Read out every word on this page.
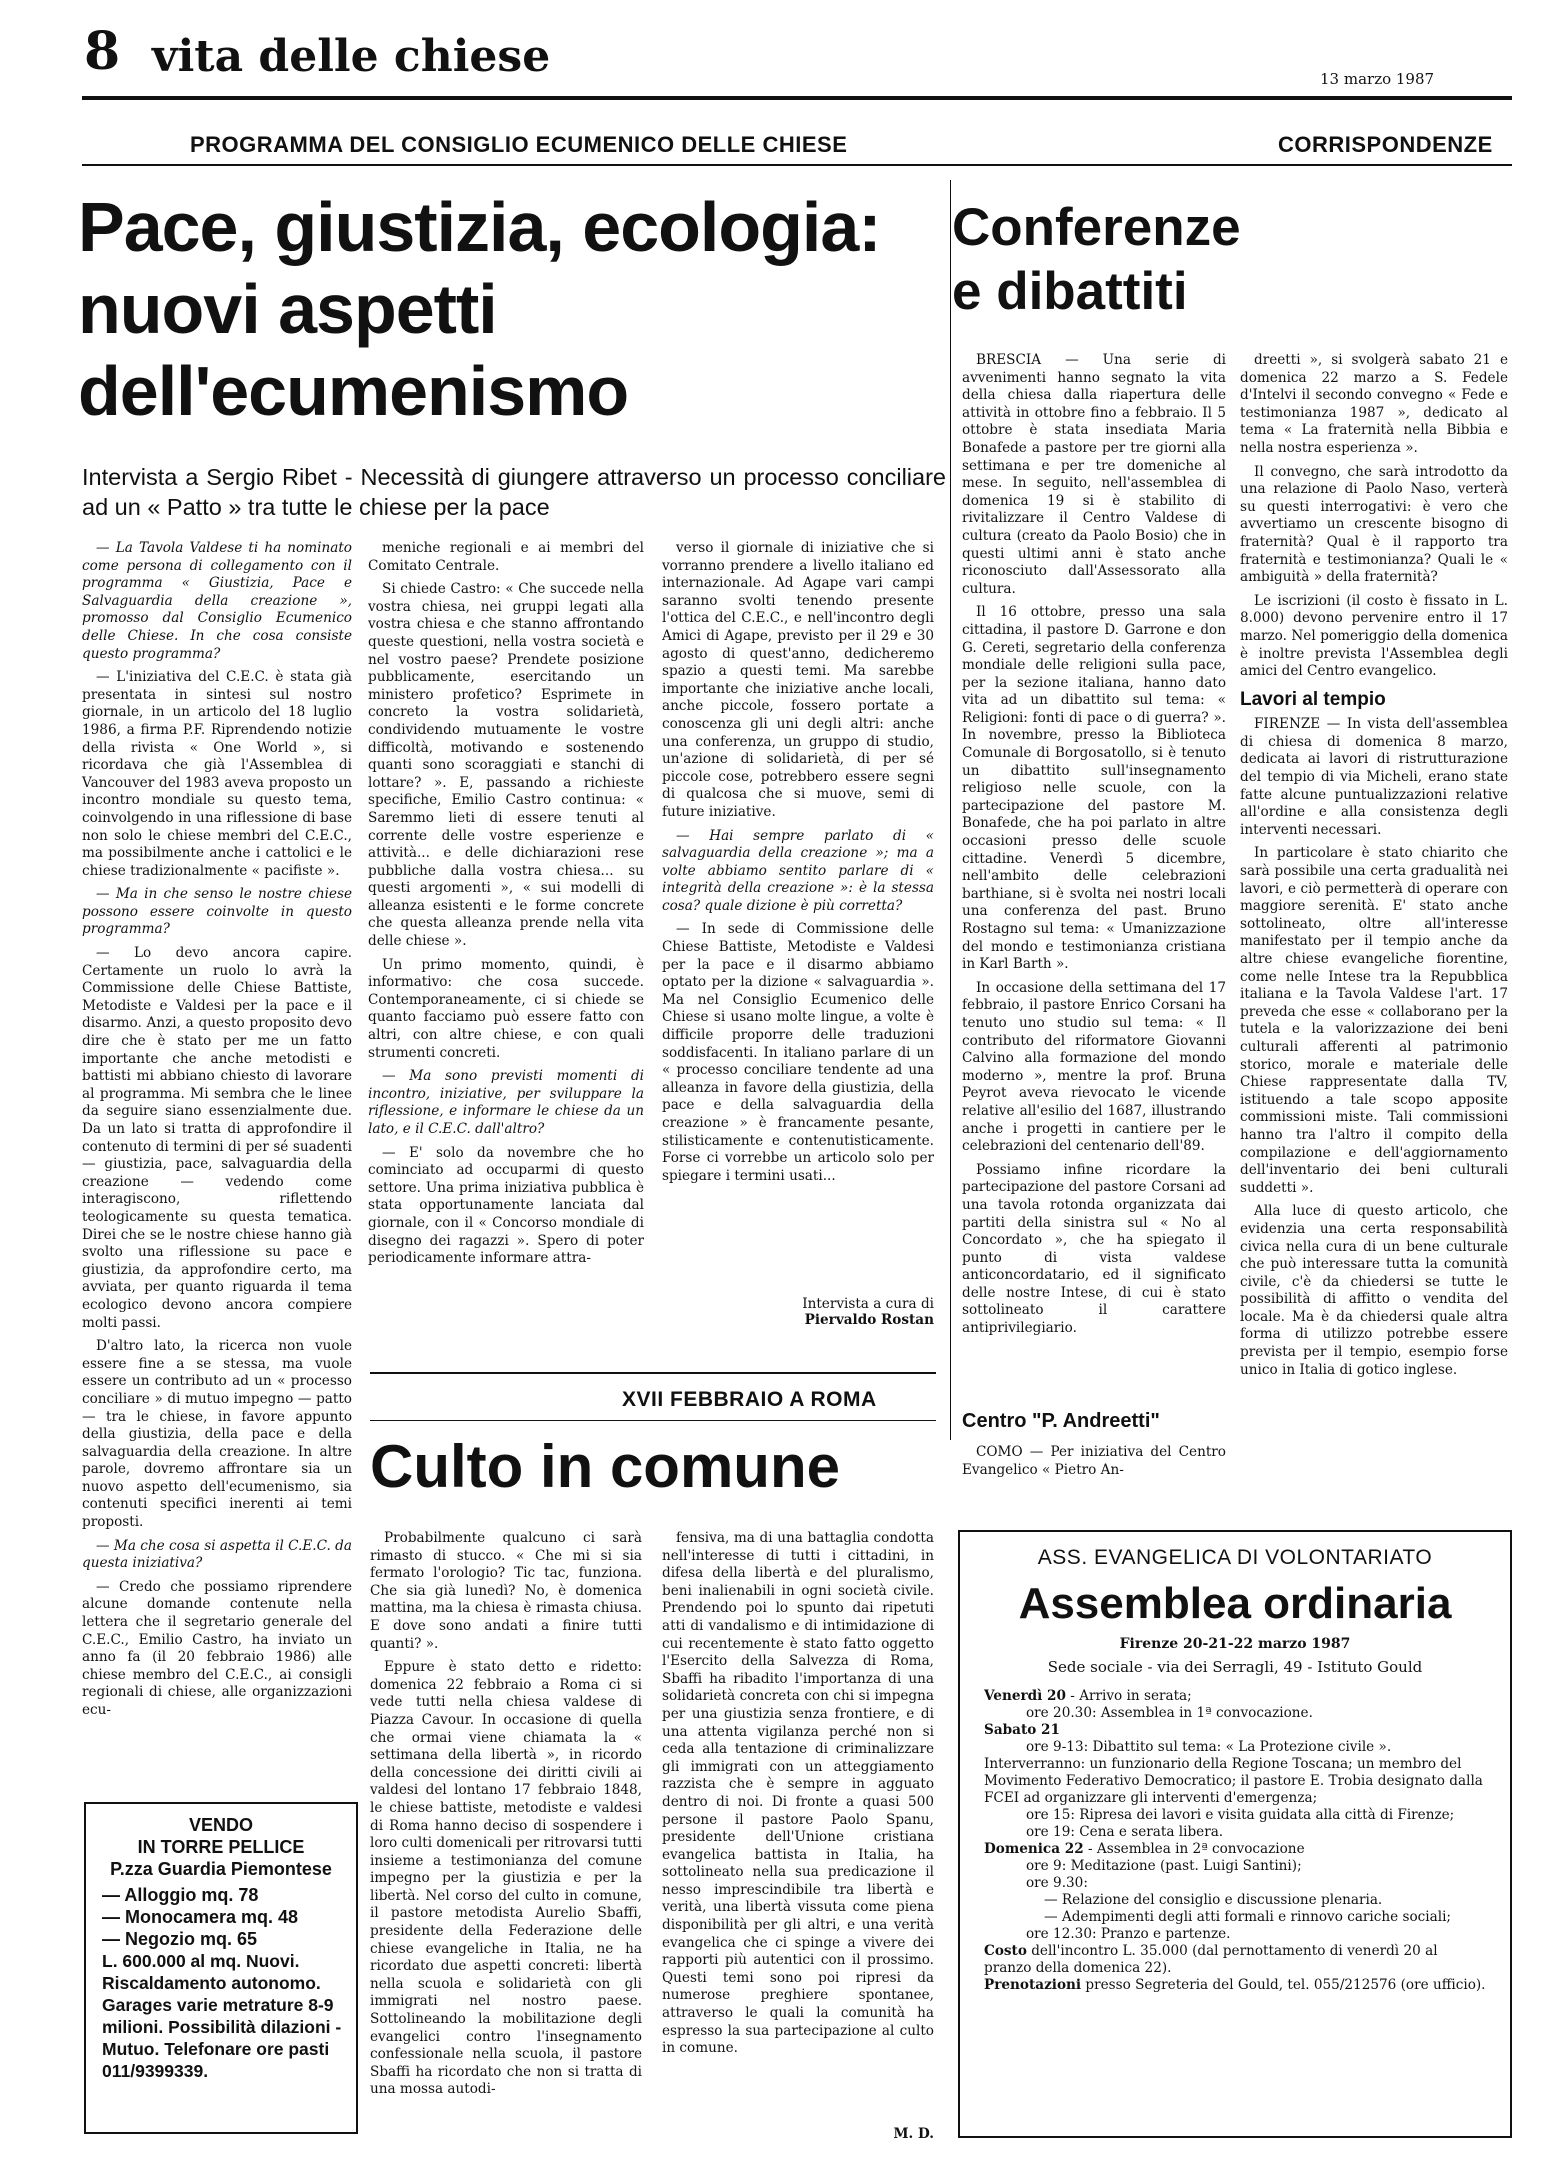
8 vita delle chiese	13 marzo 1987
PROGRAMMA DEL CONSIGLIO ECUMENICO DELLE CHIESE	CORRISPONDENZE
Pace, giustizia, ecologia:
nuovi aspetti
dell'ecumenismo
Intervista a Sergio Ribet - Necessità di giungere attraverso un processo conciliare ad un « Patto » tra tutte le chiese per la pace

— La Tavola Valdese ti ha nominato come persona di collegamento con il programma « Giustizia, Pace e Salvaguardia della creazione », promosso dal Consiglio Ecumenico delle Chiese. In che cosa consiste questo programma?

— L'iniziativa del C.E.C. è stata già presentata in sintesi sul nostro giornale, in un articolo del 18 luglio 1986, a firma P.F. Riprendendo notizie della rivista « One World », si ricordava che già l'Assemblea di Vancouver del 1983 aveva proposto un incontro mondiale su questo tema, coinvolgendo in una riflessione di base non solo le chiese membri del C.E.C., ma possibilmente anche i cattolici e le chiese tradizionalmente « pacifiste ».

— Ma in che senso le nostre chiese possono essere coinvolte in questo programma?

— Lo devo ancora capire. Certamente un ruolo lo avrà la Commissione delle Chiese Battiste, Metodiste e Valdesi per la pace e il disarmo. Anzi, a questo proposito devo dire che è stato per me un fatto importante che anche metodisti e battisti mi abbiano chiesto di lavorare al programma. Mi sembra che le linee da seguire siano essenzialmente due. Da un lato si tratta di approfondire il contenuto di termini di per sé suadenti — giustizia, pace, salvaguardia della creazione — vedendo come interagiscono, riflettendo teologicamente su questa tematica. Direi che se le nostre chiese hanno già svolto una riflessione su pace e giustizia, da approfondire certo, ma avviata, per quanto riguarda il tema ecologico devono ancora compiere molti passi.

D'altro lato, la ricerca non vuole essere fine a se stessa, ma vuole essere un contributo ad un « processo conciliare » di mutuo impegno — patto — tra le chiese, in favore appunto della giustizia, della pace e della salvaguardia della creazione. In altre parole, dovremo affrontare sia un nuovo aspetto dell'ecumenismo, sia contenuti specifici inerenti ai temi proposti.

— Ma che cosa si aspetta il C.E.C. da questa iniziativa?

— Credo che possiamo riprendere alcune domande contenute nella lettera che il segretario generale del C.E.C., Emilio Castro, ha inviato un anno fa (il 20 febbraio 1986) alle chiese membro del C.E.C., ai consigli regionali di chiese, alle organizzazioni ecu-

meniche regionali e ai membri del Comitato Centrale.

Si chiede Castro: « Che succede nella vostra chiesa, nei gruppi legati alla vostra chiesa e che stanno affrontando queste questioni, nella vostra società e nel vostro paese? Prendete posizione pubblicamente, esercitando un ministero profetico? Esprimete in concreto la vostra solidarietà, condividendo mutuamente le vostre difficoltà, motivando e sostenendo quanti sono scoraggiati e stanchi di lottare? ». E, passando a richieste specifiche, Emilio Castro continua: « Saremmo lieti di essere tenuti al corrente delle vostre esperienze e attività... e delle dichiarazioni rese pubbliche dalla vostra chiesa... su questi argomenti », « sui modelli di alleanza esistenti e le forme concrete che questa alleanza prende nella vita delle chiese ».

Un primo momento, quindi, è informativo: che cosa succede. Contemporaneamente, ci si chiede se quanto facciamo può essere fatto con altri, con altre chiese, e con quali strumenti concreti.

— Ma sono previsti momenti di incontro, iniziative, per sviluppare la riflessione, e informare le chiese da un lato, e il C.E.C. dall'altro?

— E' solo da novembre che ho cominciato ad occuparmi di questo settore. Una prima iniziativa pubblica è stata opportunamente lanciata dal giornale, con il « Concorso mondiale di disegno dei ragazzi ». Spero di poter periodicamente informare attra-

verso il giornale di iniziative che si vorranno prendere a livello italiano ed internazionale. Ad Agape vari campi saranno svolti tenendo presente l'ottica del C.E.C., e nell'incontro degli Amici di Agape, previsto per il 29 e 30 agosto di quest'anno, dedicheremo spazio a questi temi. Ma sarebbe importante che iniziative anche locali, anche piccole, fossero portate a conoscenza gli uni degli altri: anche una conferenza, un gruppo di studio, un'azione di solidarietà, di per sé piccole cose, potrebbero essere segni di qualcosa che si muove, semi di future iniziative.

— Hai sempre parlato di « salvaguardia della creazione »; ma a volte abbiamo sentito parlare di « integrità della creazione »: è la stessa cosa? quale dizione è più corretta?

— In sede di Commissione delle Chiese Battiste, Metodiste e Valdesi per la pace e il disarmo abbiamo optato per la dizione « salvaguardia ». Ma nel Consiglio Ecumenico delle Chiese si usano molte lingue, a volte è difficile proporre delle traduzioni soddisfacenti. In italiano parlare di un « processo conciliare tendente ad una alleanza in favore della giustizia, della pace e della salvaguardia della creazione » è francamente pesante, stilisticamente e contenutisticamente. Forse ci vorrebbe un articolo solo per spiegare i termini usati...

Intervista a cura di
Piervaldo Rostan
Conferenze
e dibattiti

BRESCIA — Una serie di avvenimenti hanno segnato la vita della chiesa dalla riapertura delle attività in ottobre fino a febbraio. Il 5 ottobre è stata insediata Maria Bonafede a pastore per tre giorni alla settimana e per tre domeniche al mese. In seguito, nell'assemblea di domenica 19 si è stabilito di rivitalizzare il Centro Valdese di cultura (creato da Paolo Bosio) che in questi ultimi anni è stato anche riconosciuto dall'Assessorato alla cultura.

Il 16 ottobre, presso una sala cittadina, il pastore D. Garrone e don G. Cereti, segretario della conferenza mondiale delle religioni sulla pace, per la sezione italiana, hanno dato vita ad un dibattito sul tema: « Religioni: fonti di pace o di guerra? ». In novembre, presso la Biblioteca Comunale di Borgosatollo, si è tenuto un dibattito sull'insegnamento religioso nelle scuole, con la partecipazione del pastore M. Bonafede, che ha poi parlato in altre occasioni presso delle scuole cittadine. Venerdì 5 dicembre, nell'ambito delle celebrazioni barthiane, si è svolta nei nostri locali una conferenza del past. Bruno Rostagno sul tema: « Umanizzazione del mondo e testimonianza cristiana in Karl Barth ».

In occasione della settimana del 17 febbraio, il pastore Enrico Corsani ha tenuto uno studio sul tema: « Il contributo del riformatore Giovanni Calvino alla formazione del mondo moderno », mentre la prof. Bruna Peyrot aveva rievocato le vicende relative all'esilio del 1687, illustrando anche i progetti in cantiere per le celebrazioni del centenario dell'89.

Possiamo infine ricordare la partecipazione del pastore Corsani ad una tavola rotonda organizzata dai partiti della sinistra sul « No al Concordato », che ha spiegato il punto di vista valdese anticoncordatario, ed il significato delle nostre Intese, di cui è stato sottolineato il carattere antiprivilegiario.

Centro "P. Andreetti"

COMO — Per iniziativa del Centro Evangelico « Pietro An-

dreetti », si svolgerà sabato 21 e domenica 22 marzo a S. Fedele d'Intelvi il secondo convegno « Fede e testimonianza 1987 », dedicato al tema « La fraternità nella Bibbia e nella nostra esperienza ».

Il convegno, che sarà introdotto da una relazione di Paolo Naso, verterà su questi interrogativi: è vero che avvertiamo un crescente bisogno di fraternità? Qual è il rapporto tra fraternità e testimonianza? Quali le « ambiguità » della fraternità?

Le iscrizioni (il costo è fissato in L. 8.000) devono pervenire entro il 17 marzo. Nel pomeriggio della domenica è inoltre prevista l'Assemblea degli amici del Centro evangelico.

Lavori al tempio

FIRENZE — In vista dell'assemblea di chiesa di domenica 8 marzo, dedicata ai lavori di ristrutturazione del tempio di via Micheli, erano state fatte alcune puntualizzazioni relative all'ordine e alla consistenza degli interventi necessari.

In particolare è stato chiarito che sarà possibile una certa gradualità nei lavori, e ciò permetterà di operare con maggiore serenità. E' stato anche sottolineato, oltre all'interesse manifestato per il tempio anche da altre chiese evangeliche fiorentine, come nelle Intese tra la Repubblica italiana e la Tavola Valdese l'art. 17 preveda che esse « collaborano per la tutela e la valorizzazione dei beni culturali afferenti al patrimonio storico, morale e materiale delle Chiese rappresentate dalla TV, istituendo a tale scopo apposite commissioni miste. Tali commissioni hanno tra l'altro il compito della compilazione e dell'aggiornamento dell'inventario dei beni culturali suddetti ».

Alla luce di questo articolo, che evidenzia una certa responsabilità civica nella cura di un bene culturale che può interessare tutta la comunità civile, c'è da chiedersi se tutte le possibilità di affitto o vendita del locale. Ma è da chiedersi quale altra forma di utilizzo potrebbe essere prevista per il tempio, esempio forse unico in Italia di gotico inglese.

XVII FEBBRAIO A ROMA
Culto in comune

Probabilmente qualcuno ci sarà rimasto di stucco. « Che mi si sia fermato l'orologio? Tic tac, funziona. Che sia già lunedì? No, è domenica mattina, ma la chiesa è rimasta chiusa. E dove sono andati a finire tutti quanti? ».

Eppure è stato detto e ridetto: domenica 22 febbraio a Roma ci si vede tutti nella chiesa valdese di Piazza Cavour. In occasione di quella che ormai viene chiamata la « settimana della libertà », in ricordo della concessione dei diritti civili ai valdesi del lontano 17 febbraio 1848, le chiese battiste, metodiste e valdesi di Roma hanno deciso di sospendere i loro culti domenicali per ritrovarsi tutti insieme a testimonianza del comune impegno per la giustizia e per la libertà. Nel corso del culto in comune, il pastore metodista Aurelio Sbaffi, presidente della Federazione delle chiese evangeliche in Italia, ne ha ricordato due aspetti concreti: libertà nella scuola e solidarietà con gli immigrati nel nostro paese. Sottolineando la mobilitazione degli evangelici contro l'insegnamento confessionale nella scuola, il pastore Sbaffi ha ricordato che non si tratta di una mossa autodi-

fensiva, ma di una battaglia condotta nell'interesse di tutti i cittadini, in difesa della libertà e del pluralismo, beni inalienabili in ogni società civile. Prendendo poi lo spunto dai ripetuti atti di vandalismo e di intimidazione di cui recentemente è stato fatto oggetto l'Esercito della Salvezza di Roma, Sbaffi ha ribadito l'importanza di una solidarietà concreta con chi si impegna per una giustizia senza frontiere, e di una attenta vigilanza perché non si ceda alla tentazione di criminalizzare gli immigrati con un atteggiamento razzista che è sempre in agguato dentro di noi. Di fronte a quasi 500 persone il pastore Paolo Spanu, presidente dell'Unione cristiana evangelica battista in Italia, ha sottolineato nella sua predicazione il nesso imprescindibile tra libertà e verità, una libertà vissuta come piena disponibilità per gli altri, e una verità evangelica che ci spinge a vivere dei rapporti più autentici con il prossimo. Questi temi sono poi ripresi da numerose preghiere spontanee, attraverso le quali la comunità ha espresso la sua partecipazione al culto in comune.

M. D.
VENDO
IN TORRE PELLICE
P.zza Guardia Piemontese
— Alloggio mq. 78
— Monocamera mq. 48
— Negozio mq. 65
L. 600.000 al mq. Nuovi. Riscaldamento autonomo. Garages varie metrature 8-9 milioni. Possibilità dilazioni - Mutuo. Telefonare ore pasti 011/9399339.
ASS. EVANGELICA DI VOLONTARIATO
Assemblea ordinaria
Firenze 20-21-22 marzo 1987
Sede sociale - via dei Serragli, 49 - Istituto Gould

Venerdì 20 - Arrivo in serata;

ore 20.30: Assemblea in 1ª convocazione.

Sabato 21

ore 9-13: Dibattito sul tema: « La Protezione civile ».

Interverranno: un funzionario della Regione Toscana; un membro del Movimento Federativo Democratico; il pastore E. Trobia designato dalla FCEI ad organizzare gli interventi d'emergenza;

ore 15: Ripresa dei lavori e visita guidata alla città di Firenze;

ore 19: Cena e serata libera.

Domenica 22 - Assemblea in 2ª convocazione

ore 9: Meditazione (past. Luigi Santini);

ore 9.30:

— Relazione del consiglio e discussione plenaria.

— Adempimenti degli atti formali e rinnovo cariche sociali;

ore 12.30: Pranzo e partenze.

Costo dell'incontro L. 35.000 (dal pernottamento di venerdì 20 al pranzo della domenica 22).

Prenotazioni presso Segreteria del Gould, tel. 055/212576 (ore ufficio).
